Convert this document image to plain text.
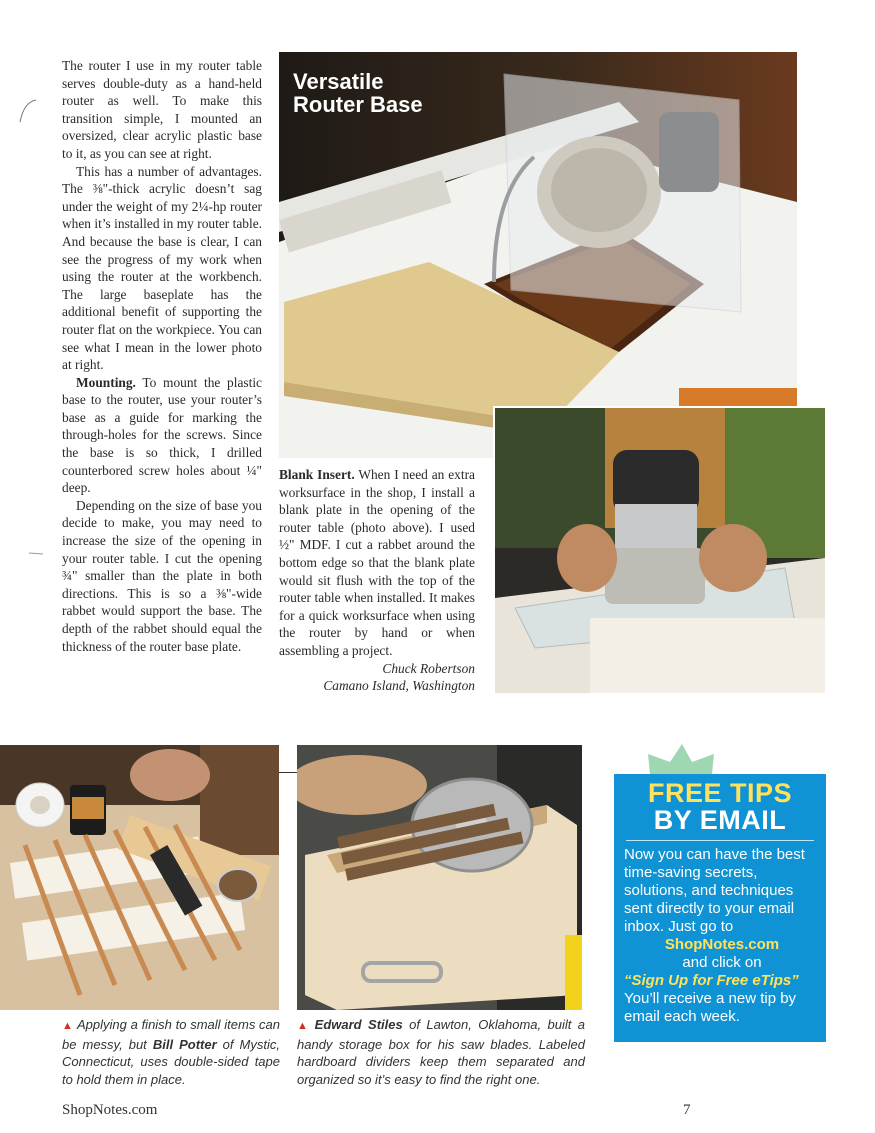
The router I use in my router table serves double-duty as a hand-held router as well. To make this transition simple, I mounted an oversized, clear acrylic plastic base to it, as you can see at right.

This has a number of advantages. The ⅜"-thick acrylic doesn’t sag under the weight of my 2¼-hp router when it’s installed in my router table. And because the base is clear, I can see the progress of my work when using the router at the workbench. The large baseplate has the additional benefit of supporting the router flat on the workpiece. You can see what I mean in the lower photo at right.

Mounting. To mount the plastic base to the router, use your router’s base as a guide for marking the through-holes for the screws. Since the base is so thick, I drilled counterbored screw holes about ¼" deep.

Depending on the size of base you decide to make, you may need to increase the size of the opening in your router table. I cut the opening ¾" smaller than the plate in both directions. This is so a ⅜"-wide rabbet would support the base. The depth of the rabbet should equal the thickness of the router base plate.

Versatile
Router Base

Blank Insert. When I need an extra worksurface in the shop, I install a blank plate in the opening of the router table (photo above). I used ½" MDF. I cut a rabbet around the bottom edge so that the blank plate would sit flush with the top of the router table when installed. It makes for a quick worksurface when using the router by hand or when assembling a project.

Chuck Robertson
Camano Island, Washington
▲ Applying a finish to small items can be messy, but Bill Potter of Mystic, Connecticut, uses double-sided tape to hold them in place.
▲ Edward Stiles of Lawton, Oklahoma, built a handy storage box for his saw blades. Labeled hardboard dividers keep them separated and organized so it’s easy to find the right one.
FREE TIPS
BY EMAIL
Now you can have the best time-saving secrets, solutions, and techniques sent directly to your email inbox. Just go to
ShopNotes.com
and click on
“Sign Up for Free eTips”
You’ll receive a new tip by email each week.
ShopNotes.com	7
